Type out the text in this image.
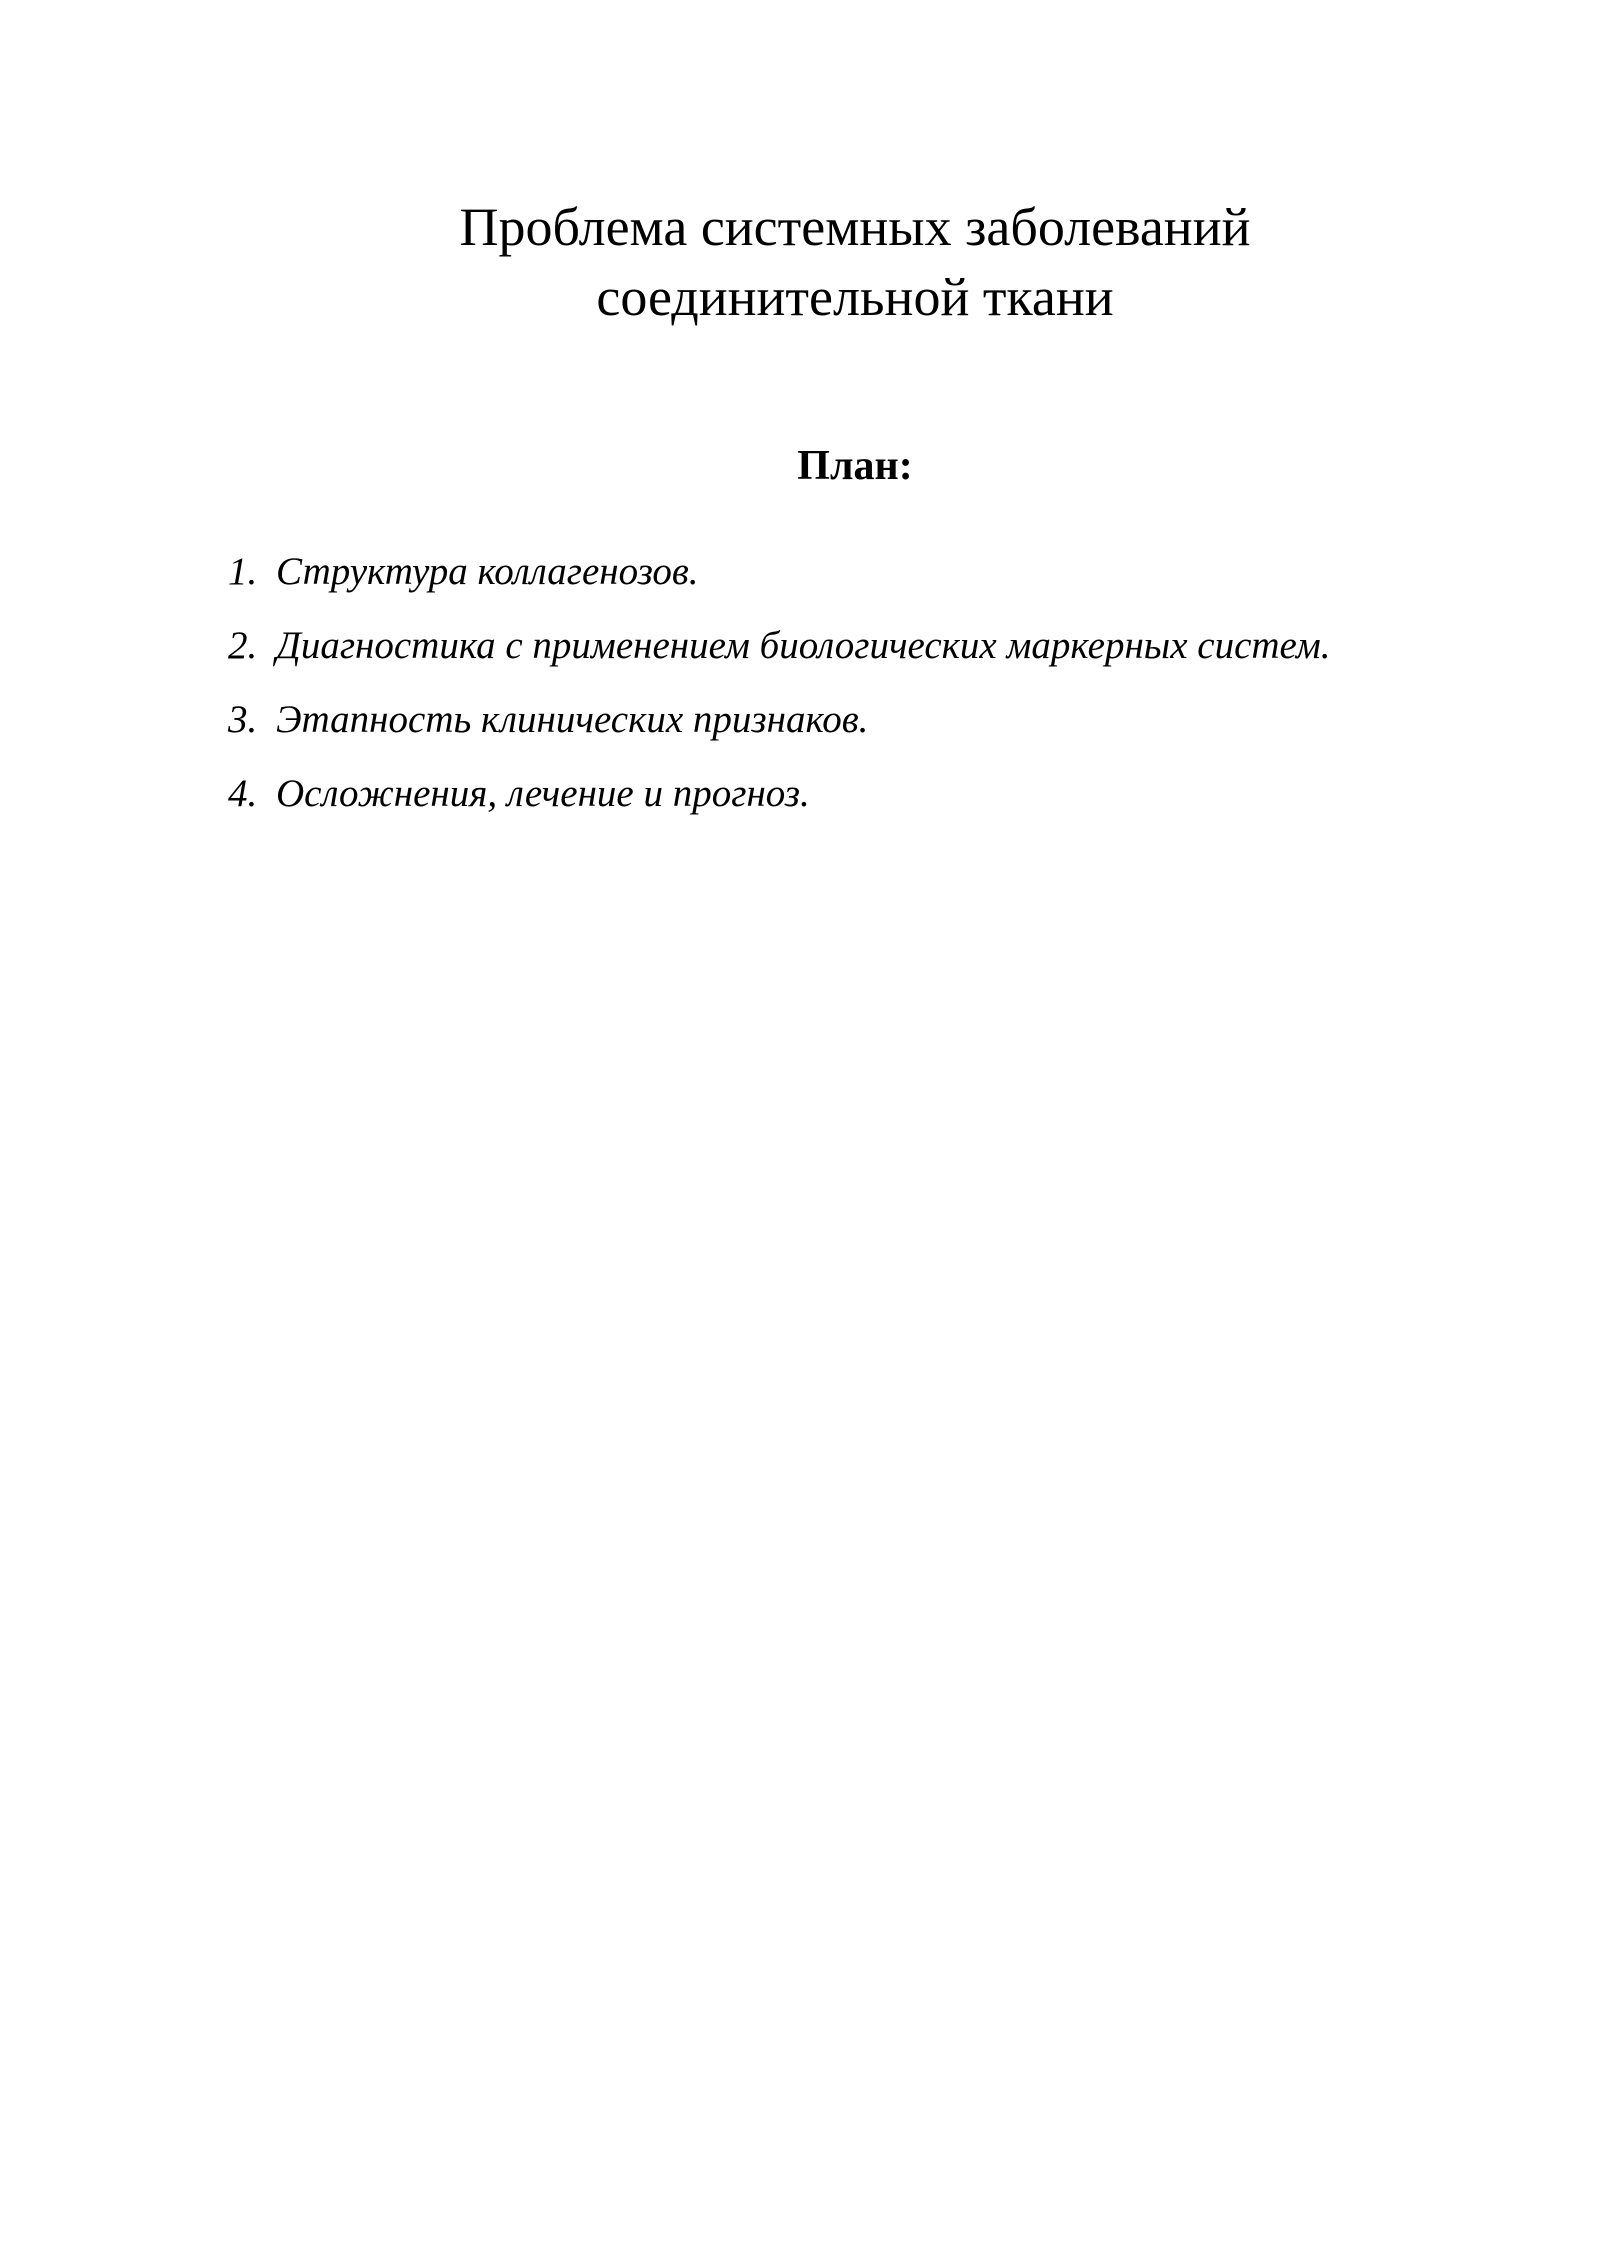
Проблема системных заболеваний
соединительной ткани
План:
1. Структура коллагенозов.
2. Диагностика с применением биологических маркерных систем.
3. Этапность клинических признаков.
4. Осложнения, лечение и прогноз.
